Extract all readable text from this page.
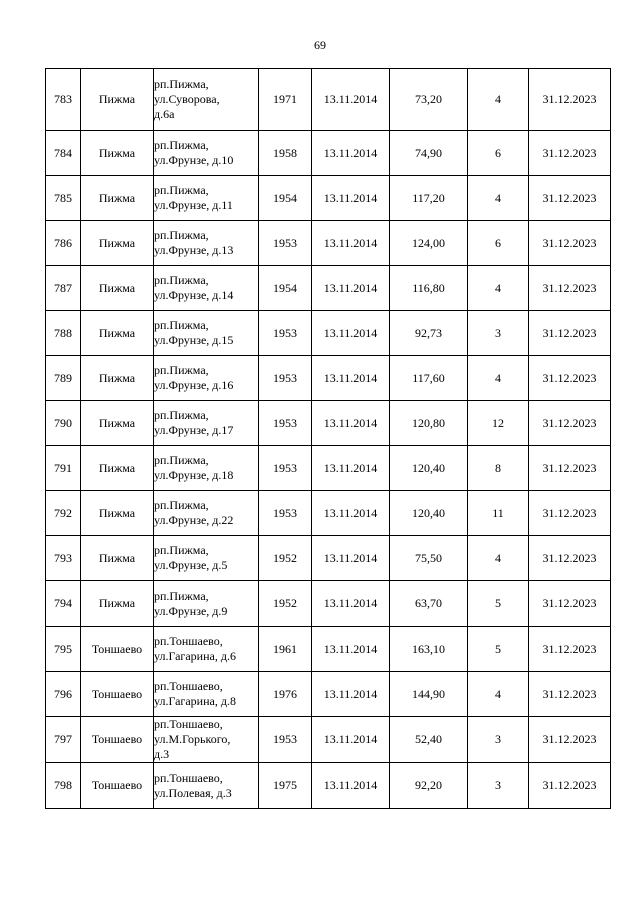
69
783	Пижма	рп.Пижма,
ул.Суворова,
д.6а	1971	13.11.2014	73,20	4	31.12.2023
784	Пижма	рп.Пижма,
ул.Фрунзе, д.10	1958	13.11.2014	74,90	6	31.12.2023
785	Пижма	рп.Пижма,
ул.Фрунзе, д.11	1954	13.11.2014	117,20	4	31.12.2023
786	Пижма	рп.Пижма,
ул.Фрунзе, д.13	1953	13.11.2014	124,00	6	31.12.2023
787	Пижма	рп.Пижма,
ул.Фрунзе, д.14	1954	13.11.2014	116,80	4	31.12.2023
788	Пижма	рп.Пижма,
ул.Фрунзе, д.15	1953	13.11.2014	92,73	3	31.12.2023
789	Пижма	рп.Пижма,
ул.Фрунзе, д.16	1953	13.11.2014	117,60	4	31.12.2023
790	Пижма	рп.Пижма,
ул.Фрунзе, д.17	1953	13.11.2014	120,80	12	31.12.2023
791	Пижма	рп.Пижма,
ул.Фрунзе, д.18	1953	13.11.2014	120,40	8	31.12.2023
792	Пижма	рп.Пижма,
ул.Фрунзе, д.22	1953	13.11.2014	120,40	11	31.12.2023
793	Пижма	рп.Пижма,
ул.Фрунзе, д.5	1952	13.11.2014	75,50	4	31.12.2023
794	Пижма	рп.Пижма,
ул.Фрунзе, д.9	1952	13.11.2014	63,70	5	31.12.2023
795	Тоншаево	рп.Тоншаево,
ул.Гагарина, д.6	1961	13.11.2014	163,10	5	31.12.2023
796	Тоншаево	рп.Тоншаево,
ул.Гагарина, д.8	1976	13.11.2014	144,90	4	31.12.2023
797	Тоншаево	рп.Тоншаево,
ул.М.Горького,
д.3	1953	13.11.2014	52,40	3	31.12.2023
798	Тоншаево	рп.Тоншаево,
ул.Полевая, д.3	1975	13.11.2014	92,20	3	31.12.2023
